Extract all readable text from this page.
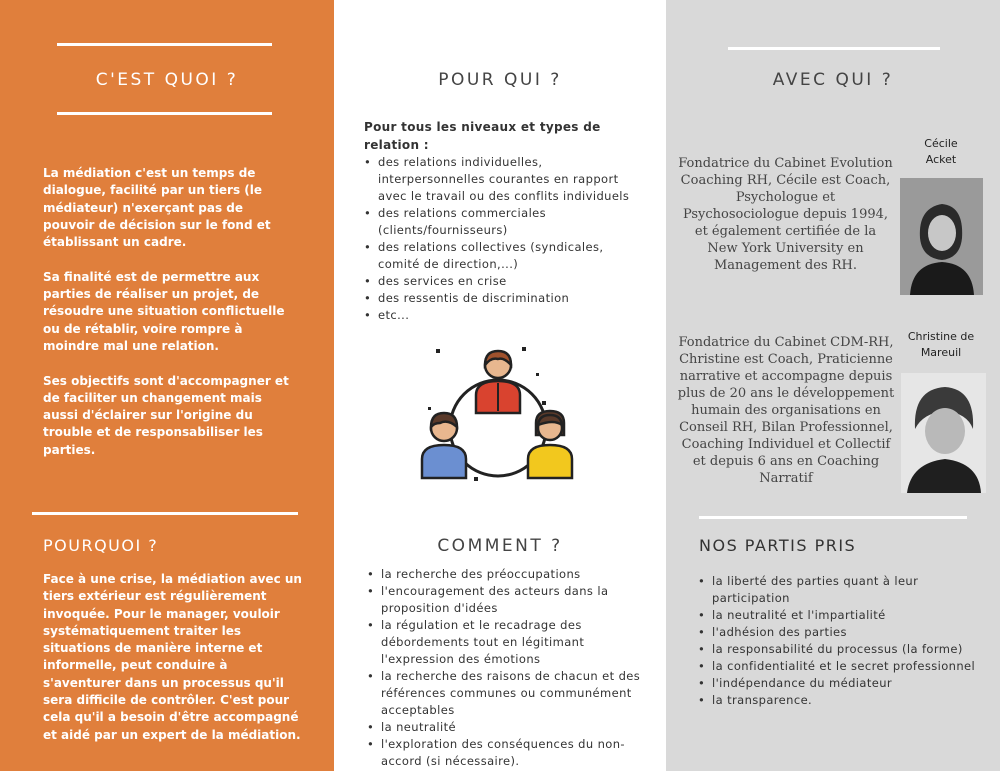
C'EST QUOI ?

La médiation c'est un temps de dialogue, facilité par un tiers (le médiateur) n'exerçant pas de pouvoir de décision sur le fond et établissant un cadre.

Sa finalité est de permettre aux parties de réaliser un projet, de résoudre une situation conflictuelle ou de rétablir, voire rompre à moindre mal une relation.

Ses objectifs sont d'accompagner et de faciliter un changement mais aussi d'éclairer sur l'origine du trouble et de responsabiliser les parties.

POURQUOI ?
Face à une crise, la médiation avec un tiers extérieur est régulièrement invoquée. Pour le manager, vouloir systématiquement traiter les situations de manière interne et informelle, peut conduire à s'aventurer dans un processus qu'il sera difficile de contrôler. C'est pour cela qu'il a besoin d'être accompagné et aidé par un expert de la médiation.
POUR QUI ?
Pour tous les niveaux et types de relation :
• des relations individuelles, interpersonnelles courantes en rapport avec le travail ou des conflits individuels
• des relations commerciales (clients/fournisseurs)
• des relations collectives (syndicales, comité de direction,...)
• des services en crise
• des ressentis de discrimination
• etc...
COMMENT ?
• la recherche des préoccupations
• l'encouragement des acteurs dans la proposition d'idées
• la régulation et le recadrage des débordements tout en légitimant l'expression des émotions
• la recherche des raisons de chacun et des références communes ou communément acceptables
• la neutralité
• l'exploration des conséquences du non-accord (si nécessaire).
AVEC QUI ?
Cécile Acket
Fondatrice du Cabinet Evolution Coaching RH, Cécile est Coach, Psychologue et Psychosociologue depuis 1994, et également certifiée de la New York University en Management des RH.
Christine de Mareuil
Fondatrice du Cabinet CDM-RH, Christine est Coach, Praticienne narrative et accompagne depuis plus de 20 ans le développement humain des organisations en Conseil RH, Bilan Professionnel, Coaching Individuel et Collectif et depuis 6 ans en Coaching Narratif
NOS PARTIS PRIS
• la liberté des parties quant à leur participation
• la neutralité et l'impartialité
• l'adhésion des parties
• la responsabilité du processus (la forme)
• la confidentialité et le secret professionnel
• l'indépendance du médiateur
• la transparence.
